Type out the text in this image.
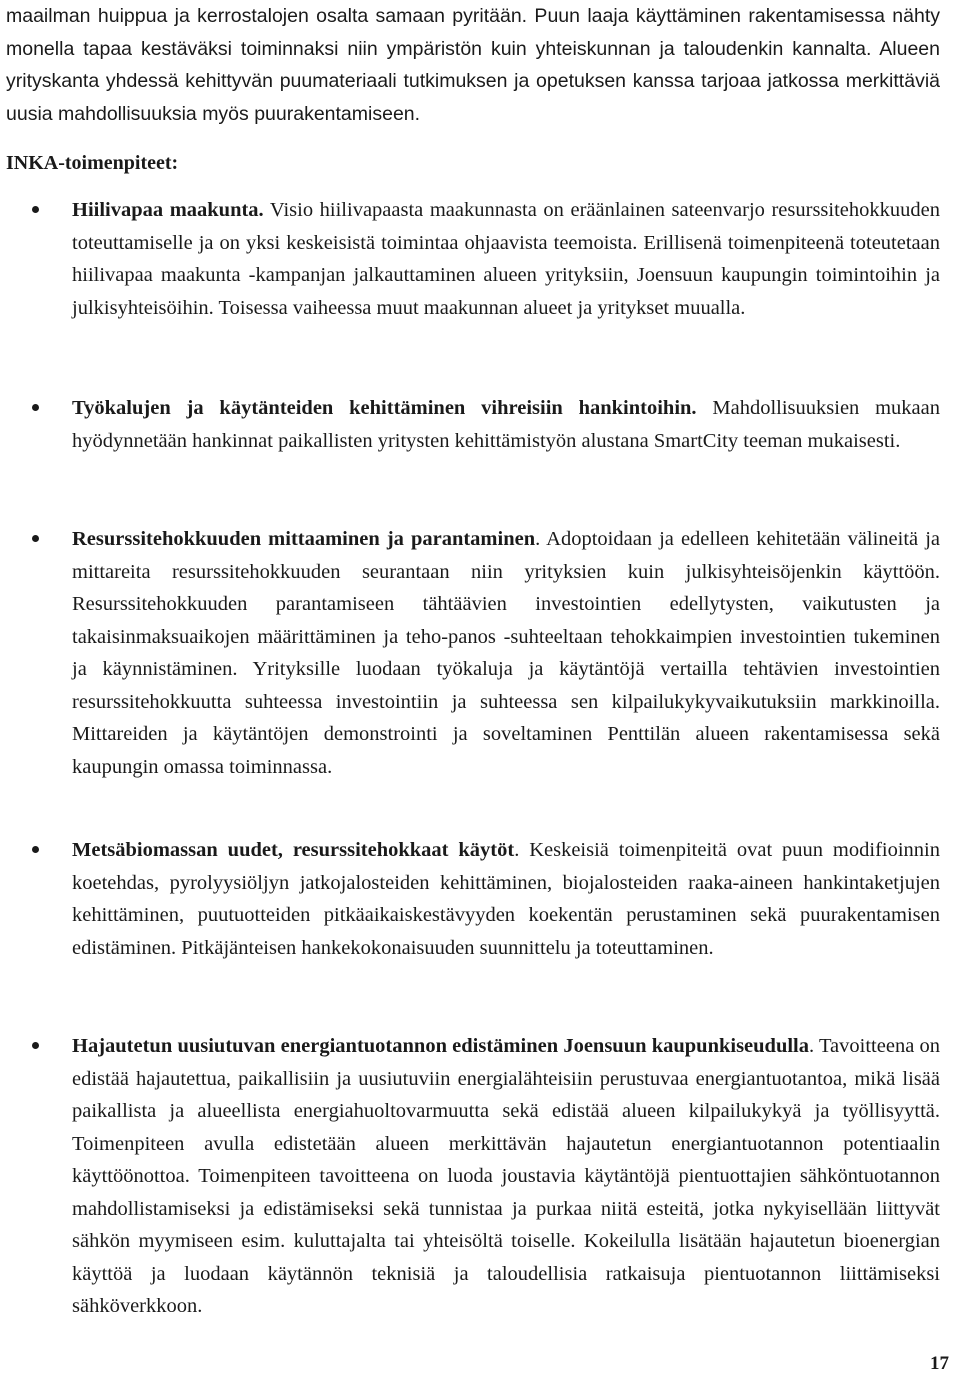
maailman huippua ja kerrostalojen osalta samaan pyritään. Puun laaja käyttäminen rakentamisessa nähty monella tapaa kestäväksi toiminnaksi niin ympäristön kuin yhteiskunnan ja taloudenkin kannalta. Alueen yrityskanta yhdessä kehittyvän puumateriaali tutkimuksen ja opetuksen kanssa tarjoaa jatkossa merkittäviä uusia mahdollisuuksia myös puurakentamiseen.

INKA-toimenpiteet:

Hiilivapaa maakunta. Visio hiilivapaasta maakunnasta on eräänlainen sateenvarjo resurssitehokkuuden toteuttamiselle ja on yksi keskeisistä toimintaa ohjaavista teemoista. Erillisenä toimenpiteenä toteutetaan hiilivapaa maakunta -kampanjan jalkauttaminen alueen yrityksiin, Joensuun kaupungin toimintoihin ja julkisyhteisöihin. Toisessa vaiheessa muut maakunnan alueet ja yritykset muualla.

Työkalujen ja käytänteiden kehittäminen vihreisiin hankintoihin. Mahdollisuuksien mukaan hyödynnetään hankinnat paikallisten yritysten kehittämistyön alustana SmartCity teeman mukaisesti.

Resurssitehokkuuden mittaaminen ja parantaminen. Adoptoidaan ja edelleen kehitetään välineitä ja mittareita resurssitehokkuuden seurantaan niin yrityksien kuin julkisyhteisöjenkin käyttöön. Resurssitehokkuuden parantamiseen tähtäävien investointien edellytysten, vaikutusten ja takaisinmaksuaikojen määrittäminen ja teho-panos -suhteeltaan tehokkaimpien investointien tukeminen ja käynnistäminen. Yrityksille luodaan työkaluja ja käytäntöjä vertailla tehtävien investointien resurssitehokkuutta suhteessa investointiin ja suhteessa sen kilpailukykyvaikutuksiin markkinoilla. Mittareiden ja käytäntöjen demonstrointi ja soveltaminen Penttilän alueen rakentamisessa sekä kaupungin omassa toiminnassa.

Metsäbiomassan uudet, resurssitehokkaat käytöt. Keskeisiä toimenpiteitä ovat puun modifioinnin koetehdas, pyrolyysiöljyn jatkojalosteiden kehittäminen, biojalosteiden raaka-aineen hankintaketjujen kehittäminen, puutuotteiden pitkäaikaiskestävyyden koekentän perustaminen sekä puurakentamisen edistäminen. Pitkäjänteisen hankekokonaisuuden suunnittelu ja toteuttaminen.

Hajautetun uusiutuvan energiantuotannon edistäminen Joensuun kaupunkiseudulla. Tavoitteena on edistää hajautettua, paikallisiin ja uusiutuviin energialähteisiin perustuvaa energiantuotantoa, mikä lisää paikallista ja alueellista energiahuoltovarmuutta sekä edistää alueen kilpailukykyä ja työllisyyttä. Toimenpiteen avulla edistetään alueen merkittävän hajautetun energiantuotannon potentiaalin käyttöönottoa. Toimenpiteen tavoitteena on luoda joustavia käytäntöjä pientuottajien sähköntuotannon mahdollistamiseksi ja edistämiseksi sekä tunnistaa ja purkaa niitä esteitä, jotka nykyisellään liittyvät sähkön myymiseen esim. kuluttajalta tai yhteisöltä toiselle. Kokeilulla lisätään hajautetun bioenergian käyttöä ja luodaan käytännön teknisiä ja taloudellisia ratkaisuja pientuotannon liittämiseksi sähköverkkoon.

17
